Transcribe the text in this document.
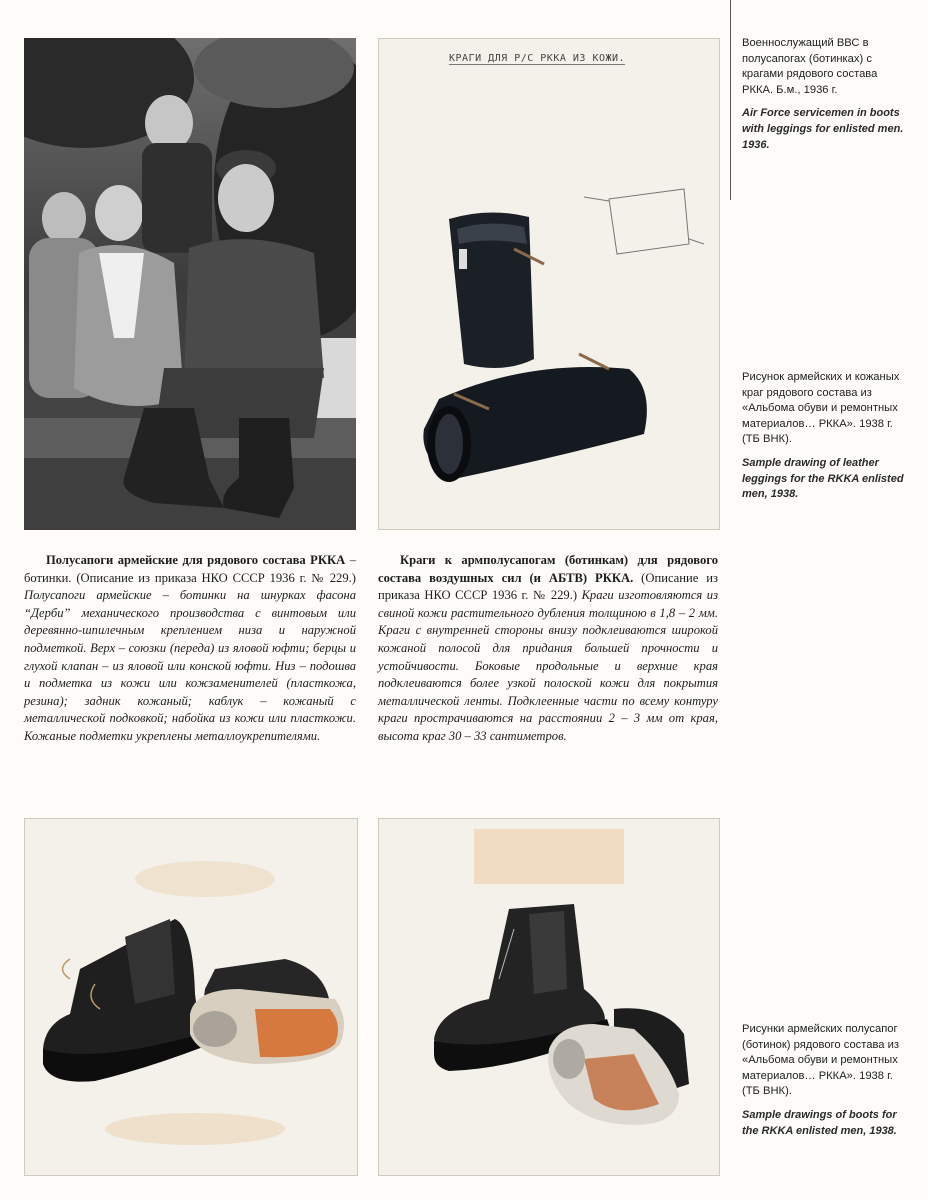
КРАГИ ДЛЯ Р/С РККА ИЗ КОЖИ.

Военнослужащий ВВС в полусапогах (ботинках) с крагами рядового состава РККА. Б.м., 1936 г.

Air Force servicemen in boots with leggings for enlisted men. 1936.

Рисунок армейских и кожаных краг рядового состава из «Альбома обуви и ремонтных материалов… РККА». 1938 г. (ТБ ВНК).

Sample drawing of leather leggings for the RKKA enlisted men, 1938.

Рисунки армейских полусапог (ботинок) рядового состава из «Альбома обуви и ремонтных материалов… РККА». 1938 г. (ТБ ВНК).

Sample drawings of boots for the RKKA enlisted men, 1938.

Полусапоги армейские для рядового состава РККА – ботинки. (Описание из приказа НКО СССР 1936 г. № 229.) Полусапоги армейские – ботинки на шнурках фасона “Дерби” механического производства с винтовым или деревянно-шпилечным креплением низа и наружной подметкой. Верх – союзки (переда) из яловой юфти; берцы и глухой клапан – из яловой или конской юфти. Низ – подошва и подметка из кожи или кожзаменителей (пласткожа, резина); задник кожаный; каблук – кожаный с металлической подковкой; набойка из кожи или пласткожи. Кожаные подметки укреплены металлоукрепителями.

Краги к армполусапогам (ботинкам) для рядового состава воздушных сил (и АБТВ) РККА. (Описание из приказа НКО СССР 1936 г. № 229.) Краги изготовляются из свиной кожи растительного дубления толщиною в 1,8 – 2 мм. Краги с внутренней стороны внизу подклеиваются широкой кожаной полосой для придания большей прочности и устойчивости. Боковые продольные и верхние края подклеиваются более узкой полоской кожи для покрытия металлической ленты. Подклеенные части по всему контуру краги прострачиваются на расстоянии 2 – 3 мм от края, высота краг 30 – 33 сантиметров.
